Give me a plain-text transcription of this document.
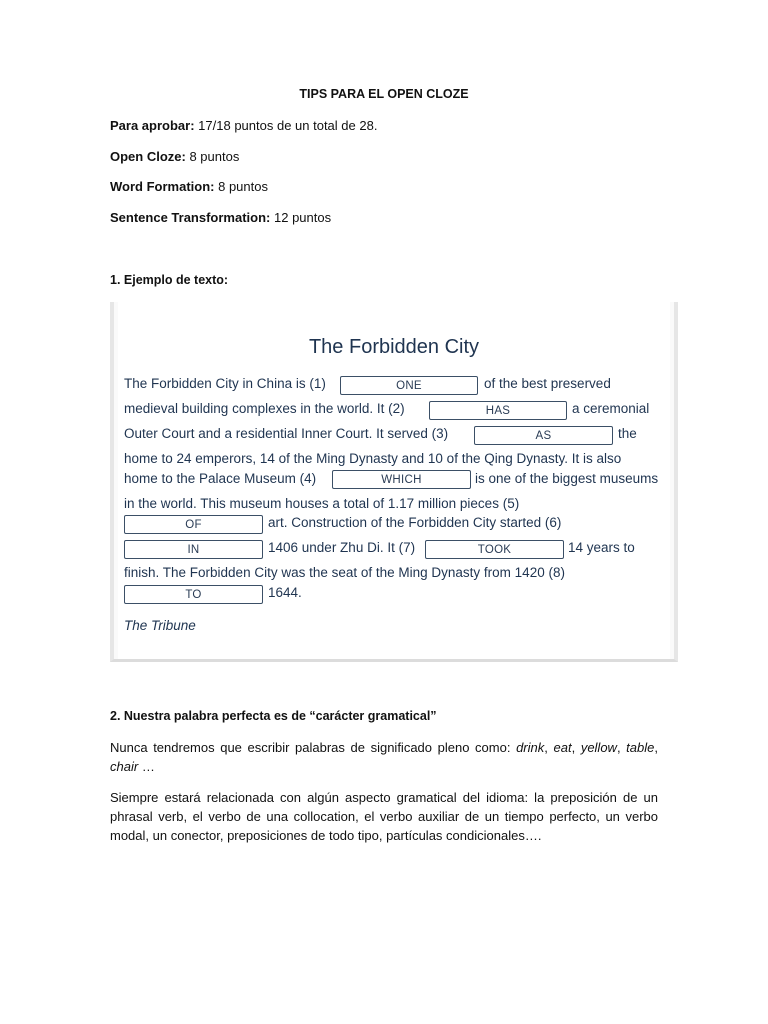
TIPS PARA EL OPEN CLOZE
Para aprobar: 17/18 puntos de un total de 28.
Open Cloze: 8 puntos
Word Formation: 8 puntos
Sentence Transformation: 12 puntos
1. Ejemplo de texto:
The Forbidden City
The Forbidden City in China is (1)	ONE	of the best preserved
medieval building complexes in the world. It (2)	HAS	a ceremonial
Outer Court and a residential Inner Court. It served (3)	AS	the
home to 24 emperors, 14 of the Ming Dynasty and 10 of the Qing Dynasty. It is also
home to the Palace Museum (4)	WHICH	is one of the biggest museums
in the world. This museum houses a total of 1.17 million pieces (5)
OF	art. Construction of the Forbidden City started (6)
IN	1406 under Zhu Di. It (7)	TOOK	14 years to
finish. The Forbidden City was the seat of the Ming Dynasty from 1420 (8)
TO	1644.
The Tribune
2. Nuestra palabra perfecta es de “carácter gramatical”
Nunca tendremos que escribir palabras de significado pleno como: drink, eat, yellow, table, chair …
Siempre estará relacionada con algún aspecto gramatical del idioma: la preposición de un phrasal verb, el verbo de una collocation, el verbo auxiliar de un tiempo perfecto, un verbo modal, un conector, preposiciones de todo tipo, partículas condicionales….
